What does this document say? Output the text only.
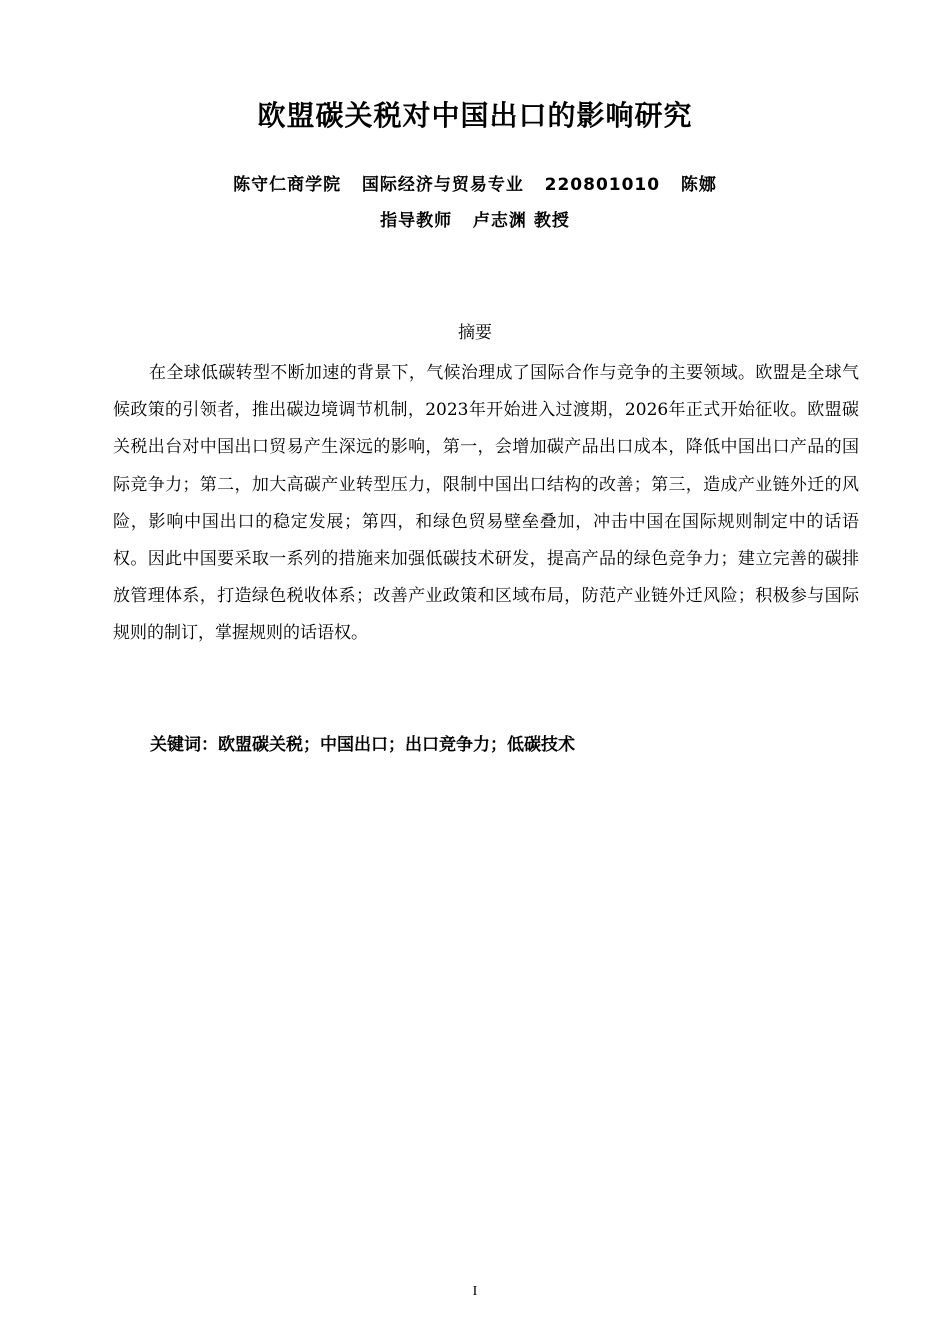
欧盟碳关税对中国出口的影响研究
陈守仁商学院   国际经济与贸易专业   220801010   陈娜
指导教师   卢志渊 教授
摘要

在全球低碳转型不断加速的背景下，气候治理成了国际合作与竞争的主要领域。欧盟是全球气候政策的引领者，推出碳边境调节机制，2023年开始进入过渡期，2026年正式开始征收。欧盟碳关税出台对中国出口贸易产生深远的影响，第一，会增加碳产品出口成本，降低中国出口产品的国际竞争力；第二，加大高碳产业转型压力，限制中国出口结构的改善；第三，造成产业链外迁的风险，影响中国出口的稳定发展；第四，和绿色贸易壁垒叠加，冲击中国在国际规则制定中的话语权。因此中国要采取一系列的措施来加强低碳技术研发，提高产品的绿色竞争力；建立完善的碳排放管理体系，打造绿色税收体系；改善产业政策和区域布局，防范产业链外迁风险；积极参与国际规则的制订，掌握规则的话语权。

关键词：欧盟碳关税；中国出口；出口竞争力；低碳技术
I
